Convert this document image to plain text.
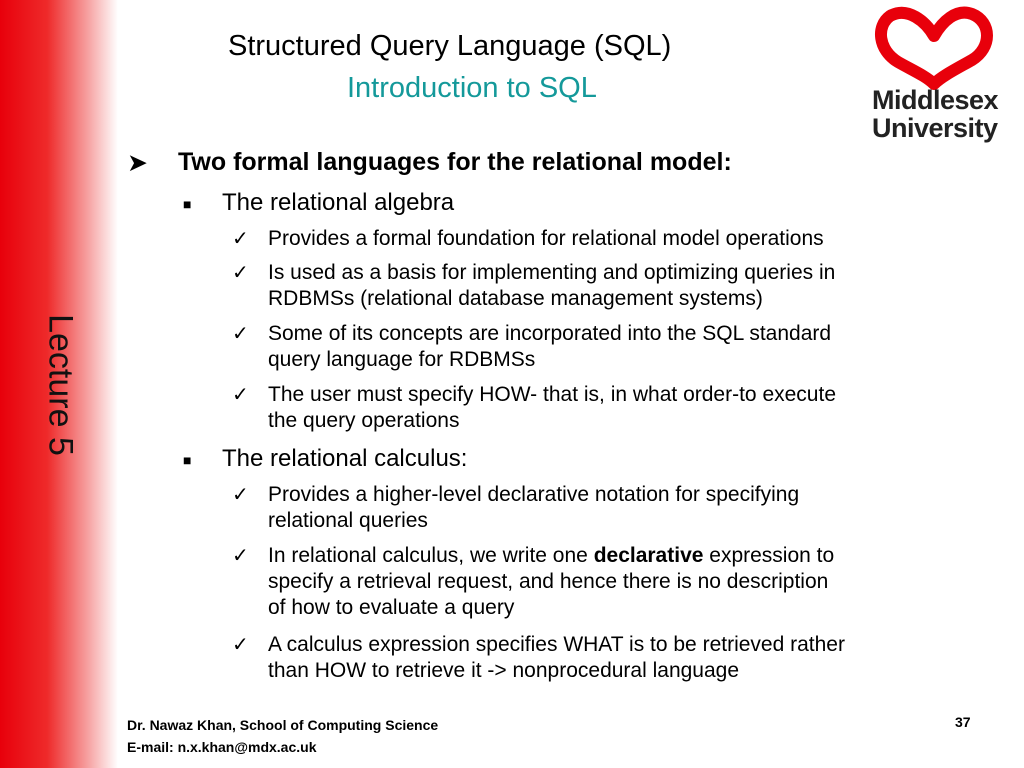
Lecture 5
Structured Query Language (SQL)
Introduction to SQL	Middlesex
University
➤ Two formal languages for the relational model:
■ The relational algebra
✓ Provides a formal foundation for relational model operations
✓ Is used as a basis for implementing and optimizing queries in
RDBMSs (relational database management systems)
✓ Some of its concepts are incorporated into the SQL standard
query language for RDBMSs
✓ The user must specify HOW- that is, in what order-to execute
the query operations
■ The relational calculus:
✓ Provides a higher-level declarative notation for specifying
relational queries
✓ In relational calculus, we write one declarative expression to
specify a retrieval request, and hence there is no description
of how to evaluate a query
✓ A calculus expression specifies WHAT is to be retrieved rather
than HOW to retrieve it -> nonprocedural language
Dr. Nawaz Khan, School of Computing Science
E-mail: n.x.khan@mdx.ac.uk
37
